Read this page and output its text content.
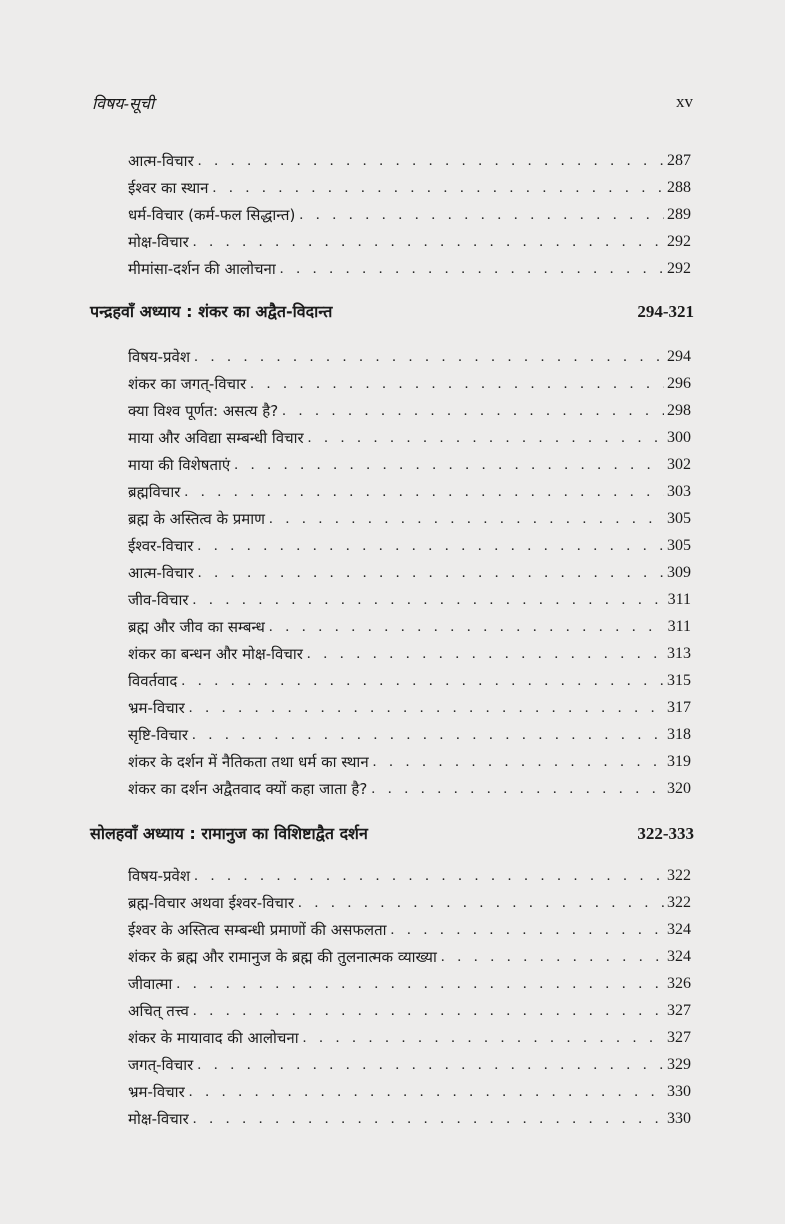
विषय-सूची	xv
आत्म-विचार . . .	287
ईश्वर का स्थान . . .	288
धर्म-विचार (कर्म-फल सिद्धान्त) . . .	289
मोक्ष-विचार . . .	292
मीमांसा-दर्शन की आलोचना . . .	292
पन्द्रहवाँ अध्याय : शंकर का अद्वैत-विदान्त	294-321
विषय-प्रवेश . . .	294
शंकर का जगत्-विचार . . .	296
क्या विश्व पूर्णत: असत्य है? . . .	298
माया और अविद्या सम्बन्धी विचार . . .	300
माया की विशेषताएं . . .	302
ब्रह्मविचार . . .	303
ब्रह्म के अस्तित्व के प्रमाण . . .	305
ईश्वर-विचार . . .	305
आत्म-विचार . . .	309
जीव-विचार . . .	311
ब्रह्म और जीव का सम्बन्ध . . .	311
शंकर का बन्धन और मोक्ष-विचार . . .	313
विवर्तवाद . . .	315
भ्रम-विचार . . .	317
सृष्टि-विचार . . .	318
शंकर के दर्शन में नैतिकता तथा धर्म का स्थान . . .	319
शंकर का दर्शन अद्वैतवाद क्यों कहा जाता है? . . .	320
सोलहवाँ अध्याय : रामानुज का विशिष्टाद्वैत दर्शन	322-333
विषय-प्रवेश . . .	322
ब्रह्म-विचार अथवा ईश्वर-विचार . . .	322
ईश्वर के अस्तित्व सम्बन्धी प्रमाणों की असफलता . . .	324
शंकर के ब्रह्म और रामानुज के ब्रह्म की तुलनात्मक व्याख्या . . .	324
जीवात्मा . . .	326
अचित् तत्त्व . . .	327
शंकर के मायावाद की आलोचना . . .	327
जगत्-विचार . . .	329
भ्रम-विचार . . .	330
मोक्ष-विचार . . .	330
